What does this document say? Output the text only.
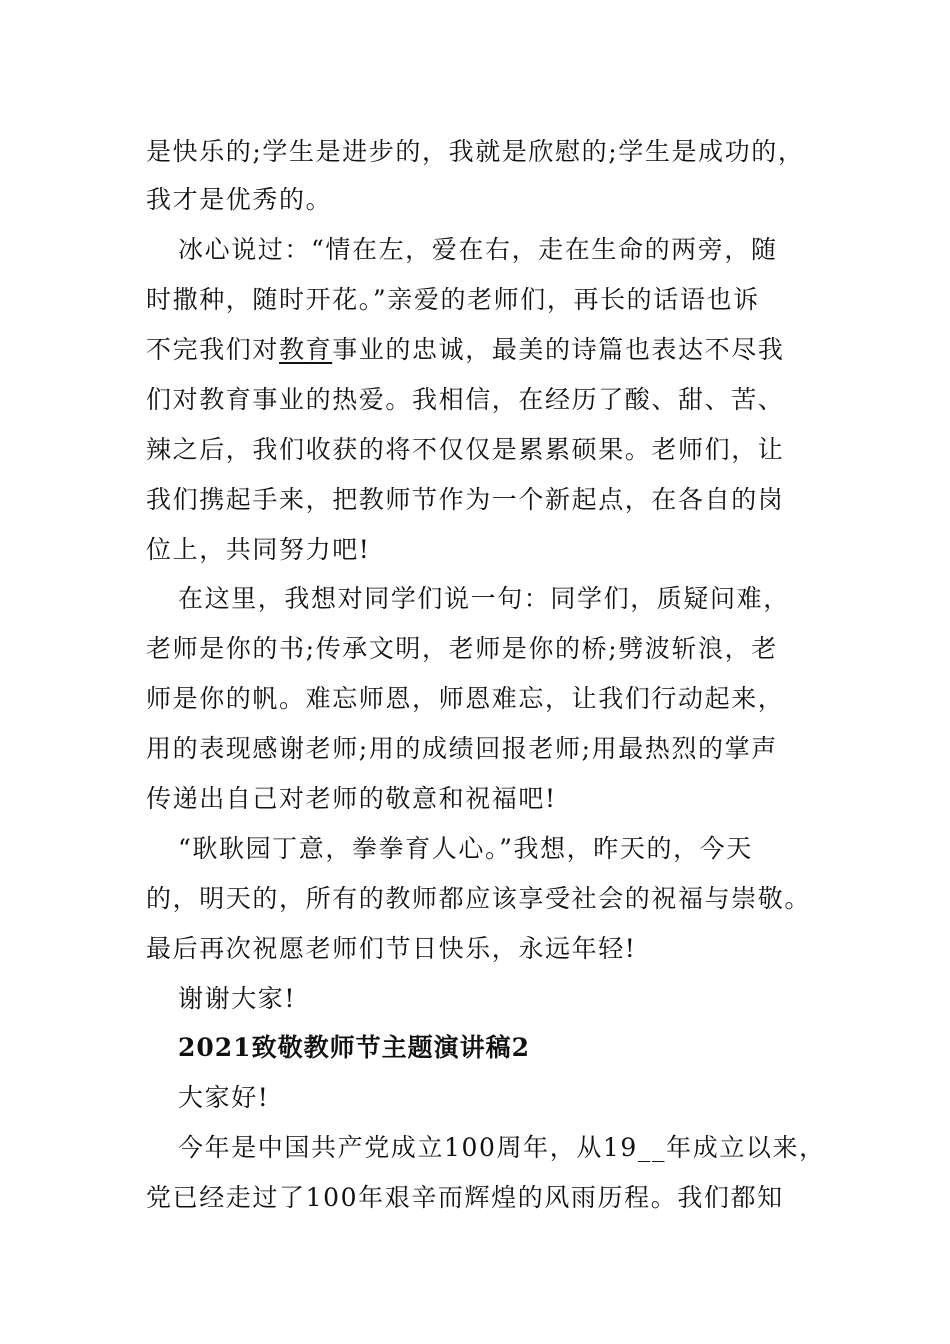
是快乐的;学生是进步的，我就是欣慰的;学生是成功的，
我才是优秀的。
冰心说过：“情在左，爱在右，走在生命的两旁，随
时撒种，随时开花。”亲爱的老师们，再长的话语也诉
不完我们对教育事业的忠诚，最美的诗篇也表达不尽我
们对教育事业的热爱。我相信，在经历了酸、甜、苦、
辣之后，我们收获的将不仅仅是累累硕果。老师们，让
我们携起手来，把教师节作为一个新起点，在各自的岗
位上，共同努力吧!
在这里，我想对同学们说一句：同学们，质疑问难，
老师是你的书;传承文明，老师是你的桥;劈波斩浪，老
师是你的帆。难忘师恩，师恩难忘，让我们行动起来，
用的表现感谢老师;用的成绩回报老师;用最热烈的掌声
传递出自己对老师的敬意和祝福吧!
“耿耿园丁意，拳拳育人心。”我想，昨天的，今天
的，明天的，所有的教师都应该享受社会的祝福与崇敬。
最后再次祝愿老师们节日快乐，永远年轻!
谢谢大家!
2021致敬教师节主题演讲稿2
大家好!
今年是中国共产党成立100周年，从19__年成立以来，
党已经走过了100年艰辛而辉煌的风雨历程。我们都知
